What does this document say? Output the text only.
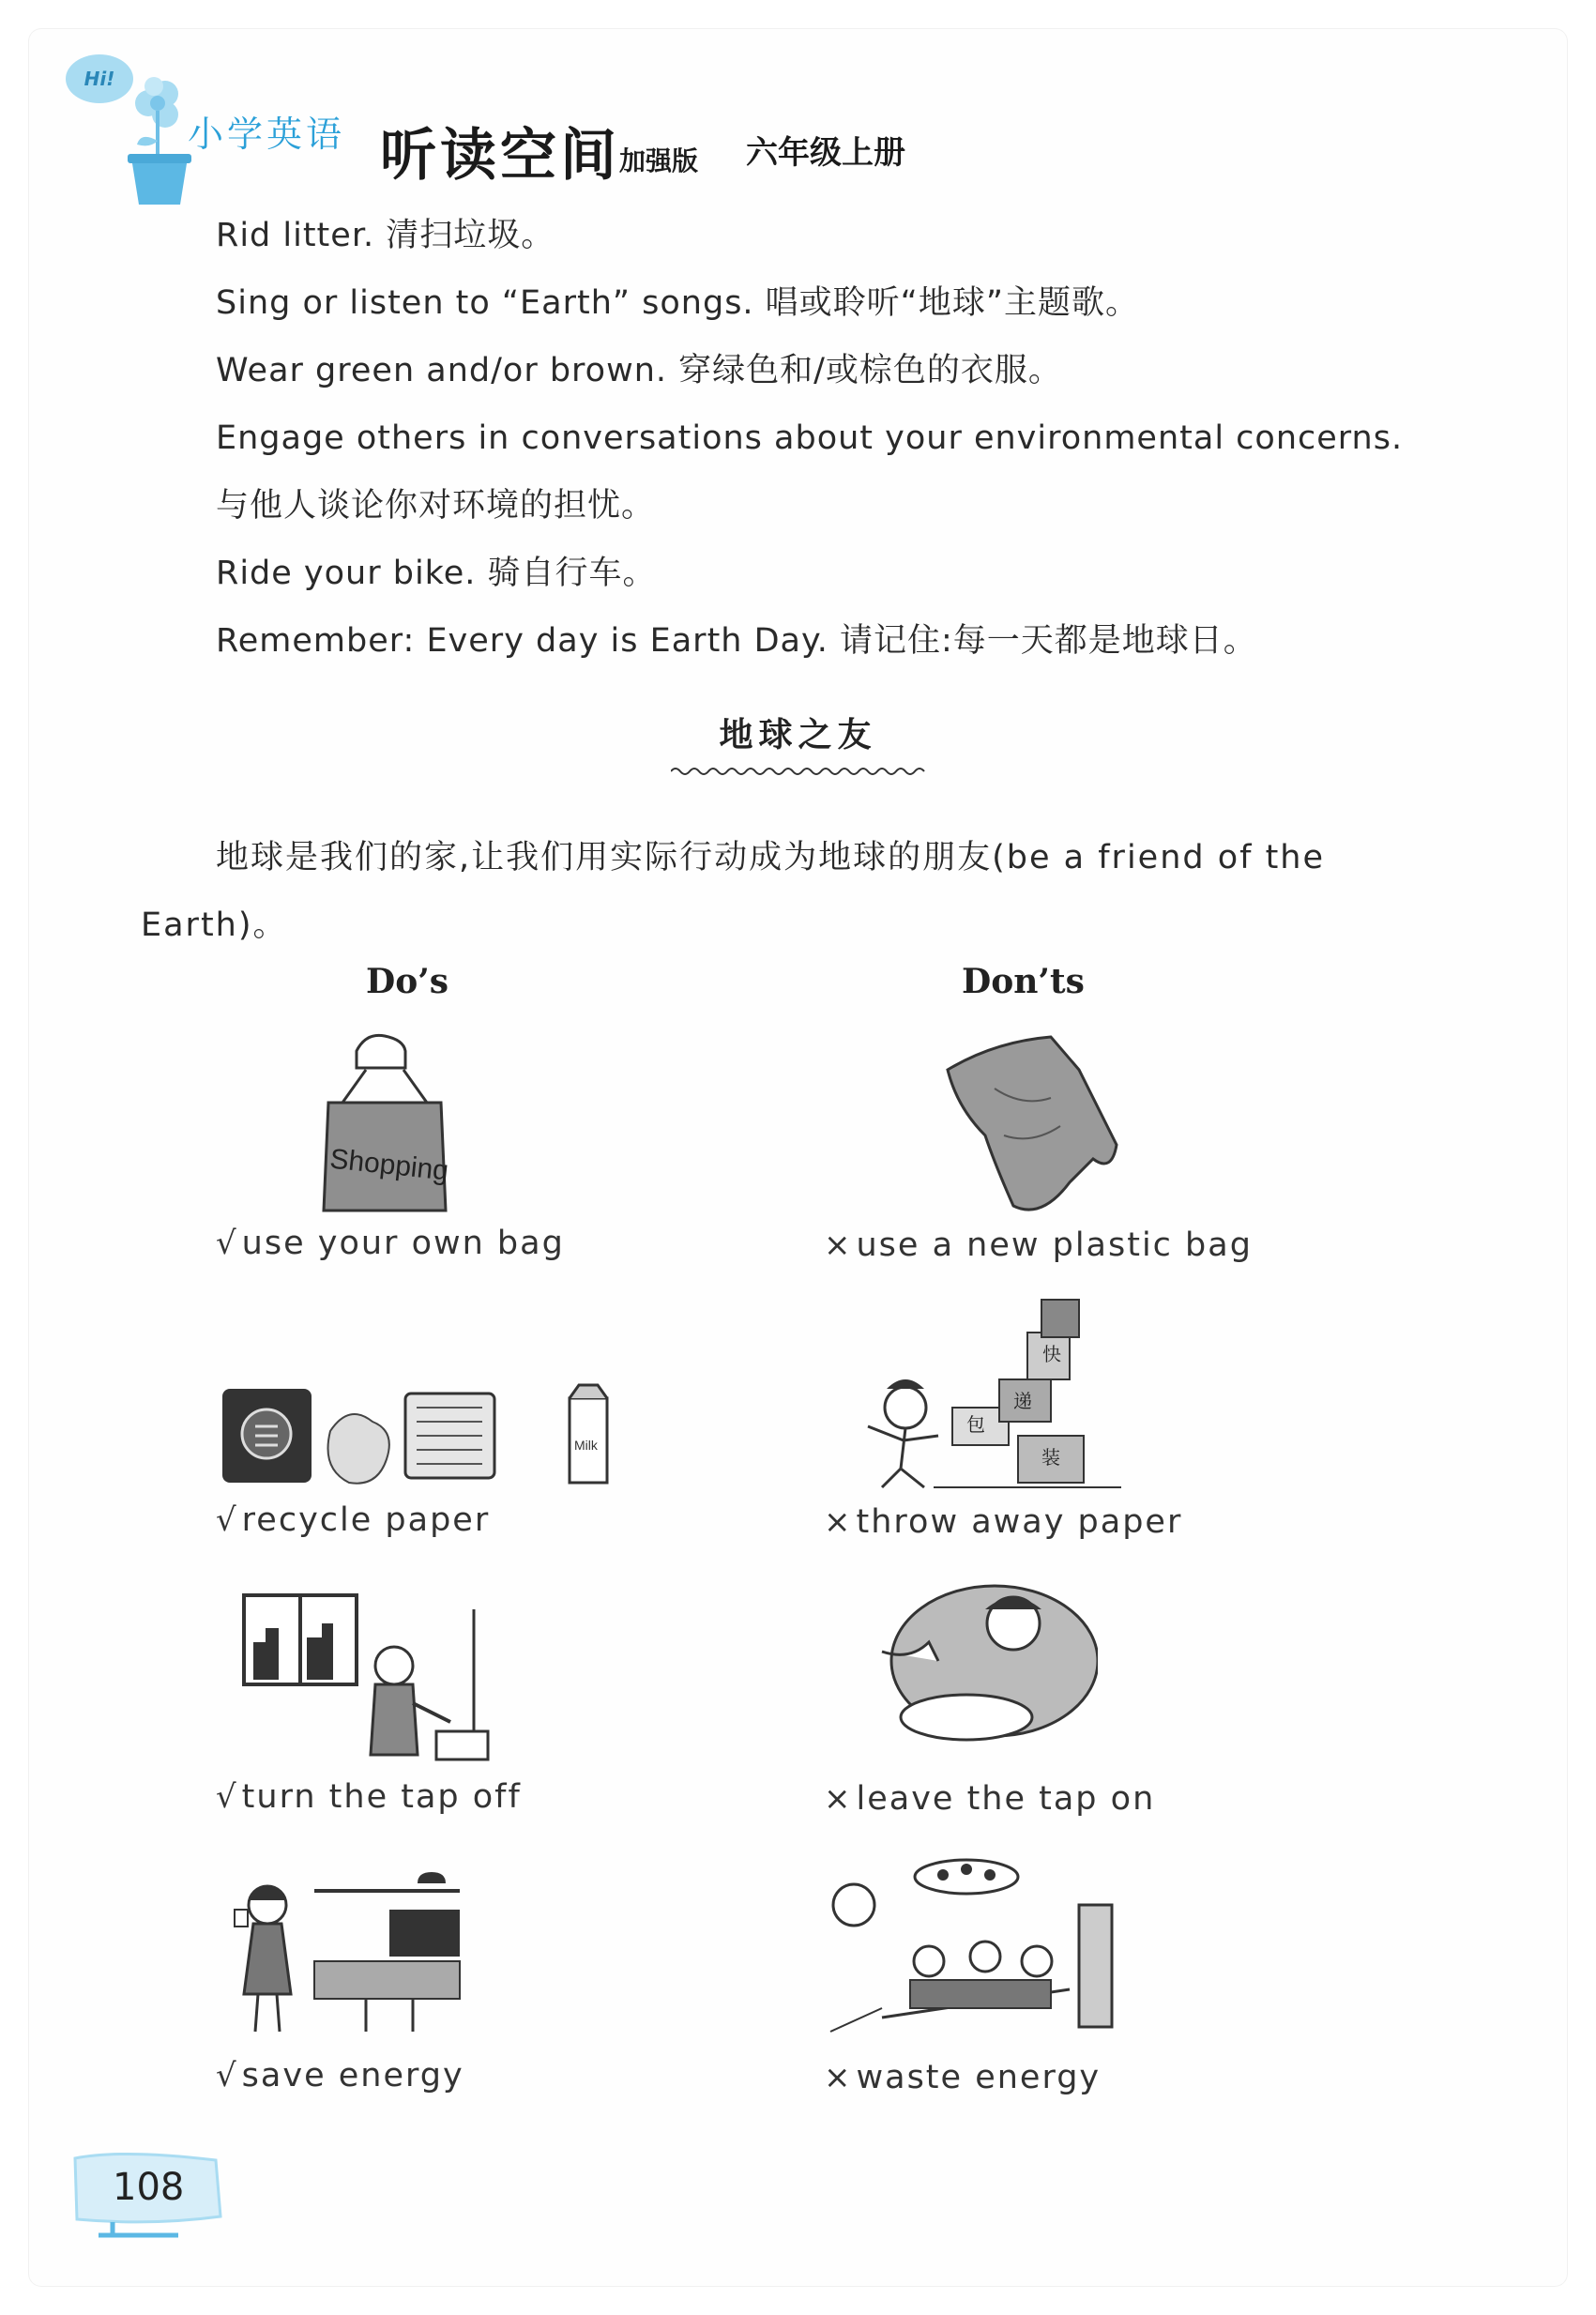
Hi!
小学英语 听读空间 加强版 六年级上册
Rid litter. 清扫垃圾。
Sing or listen to “Earth” songs. 唱或聆听“地球”主题歌。
Wear green and/or brown. 穿绿色和/或棕色的衣服。
Engage others in conversations about your environmental concerns.
与他人谈论你对环境的担忧。
Ride your bike. 骑自行车。
Remember: Every day is Earth Day. 请记住:每一天都是地球日。
地球之友
地球是我们的家,让我们用实际行动成为地球的朋友(be a friend of the Earth)。
Do’s	Don’ts
Shopping
√ use your own bag	× use a new plastic bag
Milk
快
递
包
装
√ recycle paper	× throw away paper
√ turn the tap off	× leave the tap on
√ save energy	× waste energy
108
